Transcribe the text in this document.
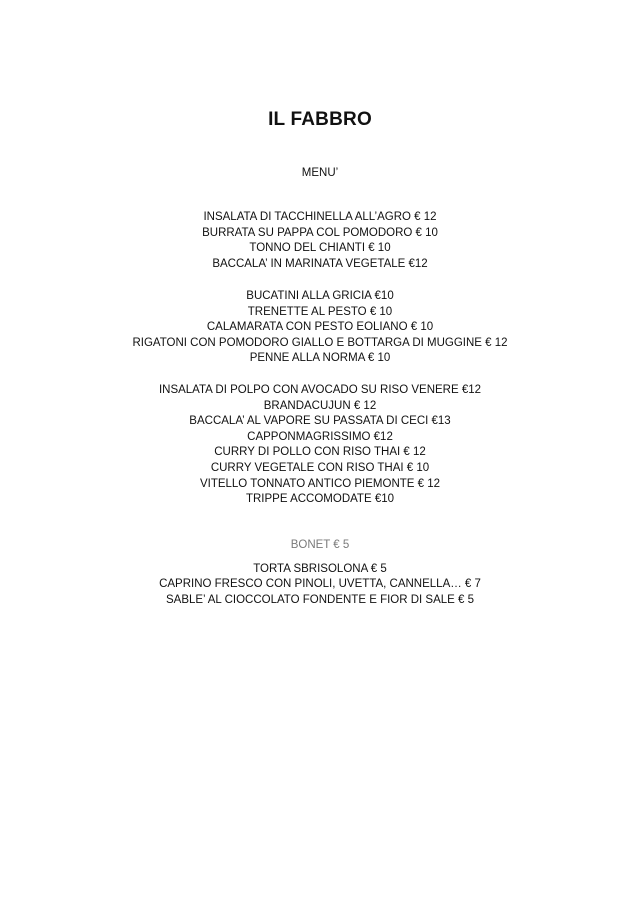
IL FABBRO
MENU’
INSALATA DI TACCHINELLA ALL’AGRO € 12
BURRATA SU PAPPA COL POMODORO € 10
TONNO DEL CHIANTI € 10
BACCALA’ IN MARINATA VEGETALE €12
BUCATINI ALLA GRICIA €10
TRENETTE AL PESTO € 10
CALAMARATA CON PESTO EOLIANO € 10
RIGATONI CON POMODORO GIALLO E BOTTARGA DI MUGGINE € 12
PENNE ALLA NORMA € 10
INSALATA DI POLPO CON AVOCADO SU RISO VENERE €12
BRANDACUJUN € 12
BACCALA’ AL VAPORE SU PASSATA DI CECI €13
CAPPONMAGRISSIMO €12
CURRY DI POLLO CON RISO THAI € 12
CURRY VEGETALE CON RISO THAI € 10
VITELLO TONNATO ANTICO PIEMONTE € 12
TRIPPE ACCOMODATE €10
BONET € 5
TORTA SBRISOLONA € 5
CAPRINO FRESCO CON PINOLI, UVETTA, CANNELLA… € 7
SABLE’ AL CIOCCOLATO FONDENTE E FIOR DI SALE € 5
